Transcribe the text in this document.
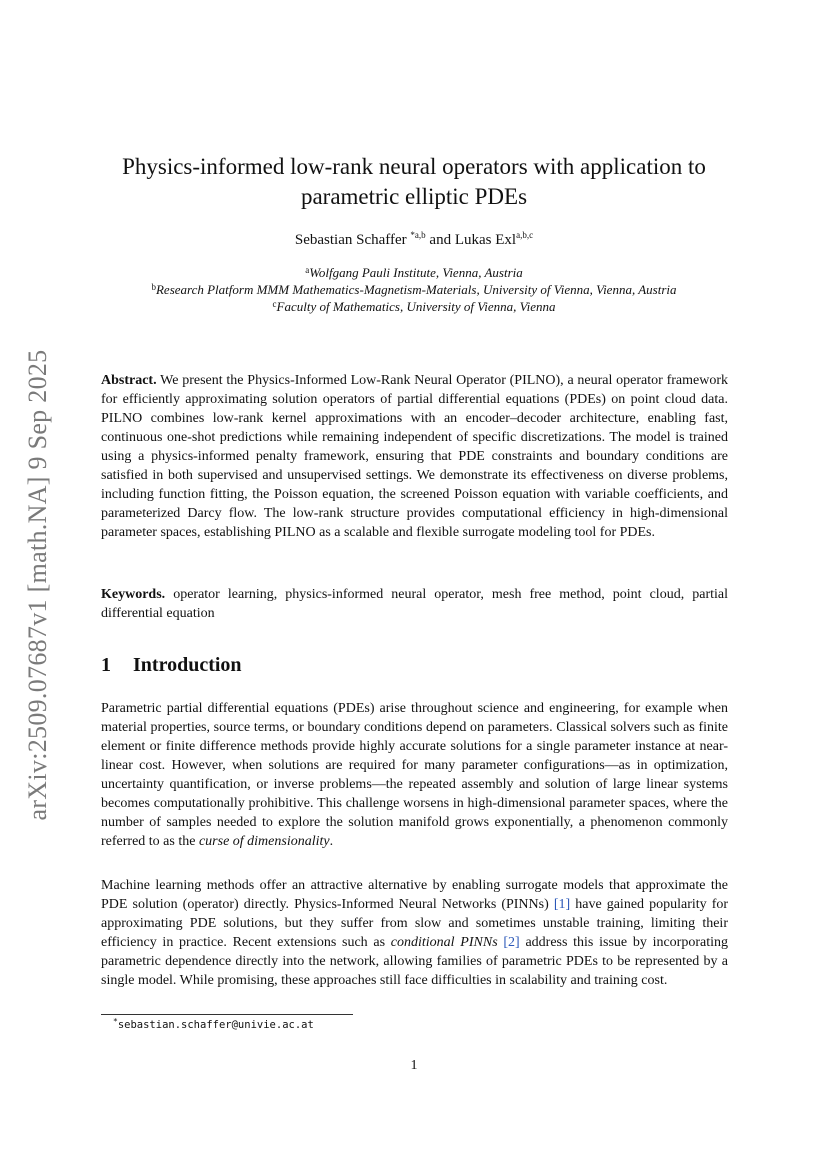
arXiv:2509.07687v1 [math.NA] 9 Sep 2025
Physics-informed low-rank neural operators with application to
parametric elliptic PDEs
Sebastian Schaffer $^{*a,b}$ and Lukas Exl$^{a,b,c}$
$^a$Wolfgang Pauli Institute, Vienna, Austria
$^b$Research Platform MMM Mathematics-Magnetism-Materials, University of Vienna, Vienna, Austria
$^c$Faculty of Mathematics, University of Vienna, Vienna
Abstract. We present the Physics-Informed Low-Rank Neural Operator (PILNO), a neural operator framework for efficiently approximating solution operators of partial differential equations (PDEs) on point cloud data. PILNO combines low-rank kernel approximations with an encoder–decoder architecture, enabling fast, continuous one-shot predictions while remaining independent of specific discretizations. The model is trained using a physics-informed penalty framework, ensuring that PDE constraints and boundary conditions are satisfied in both supervised and unsupervised settings. We demonstrate its effectiveness on diverse problems, including function fitting, the Poisson equation, the screened Poisson equation with variable coefficients, and parameterized Darcy flow. The low-rank structure provides computational efficiency in high-dimensional parameter spaces, establishing PILNO as a scalable and flexible surrogate modeling tool for PDEs.
Keywords. operator learning, physics-informed neural operator, mesh free method, point cloud, partial differential equation
1 Introduction
Parametric partial differential equations (PDEs) arise throughout science and engineering, for example when material properties, source terms, or boundary conditions depend on parameters. Classical solvers such as finite element or finite difference methods provide highly accurate solutions for a single parameter instance at near-linear cost. However, when solutions are required for many parameter configurations—as in optimization, uncertainty quantification, or inverse problems—the repeated assembly and solution of large linear systems becomes computationally prohibitive. This challenge worsens in high-dimensional parameter spaces, where the number of samples needed to explore the solution manifold grows exponentially, a phenomenon commonly referred to as the curse of dimensionality.
Machine learning methods offer an attractive alternative by enabling surrogate models that approximate the PDE solution (operator) directly. Physics-Informed Neural Networks (PINNs) [1] have gained popularity for approximating PDE solutions, but they suffer from slow and sometimes unstable training, limiting their efficiency in practice. Recent extensions such as conditional PINNs [2] address this issue by incorporating parametric dependence directly into the network, allowing families of parametric PDEs to be represented by a single model. While promising, these approaches still face difficulties in scalability and training cost.
*sebastian.schaffer@univie.ac.at
1
